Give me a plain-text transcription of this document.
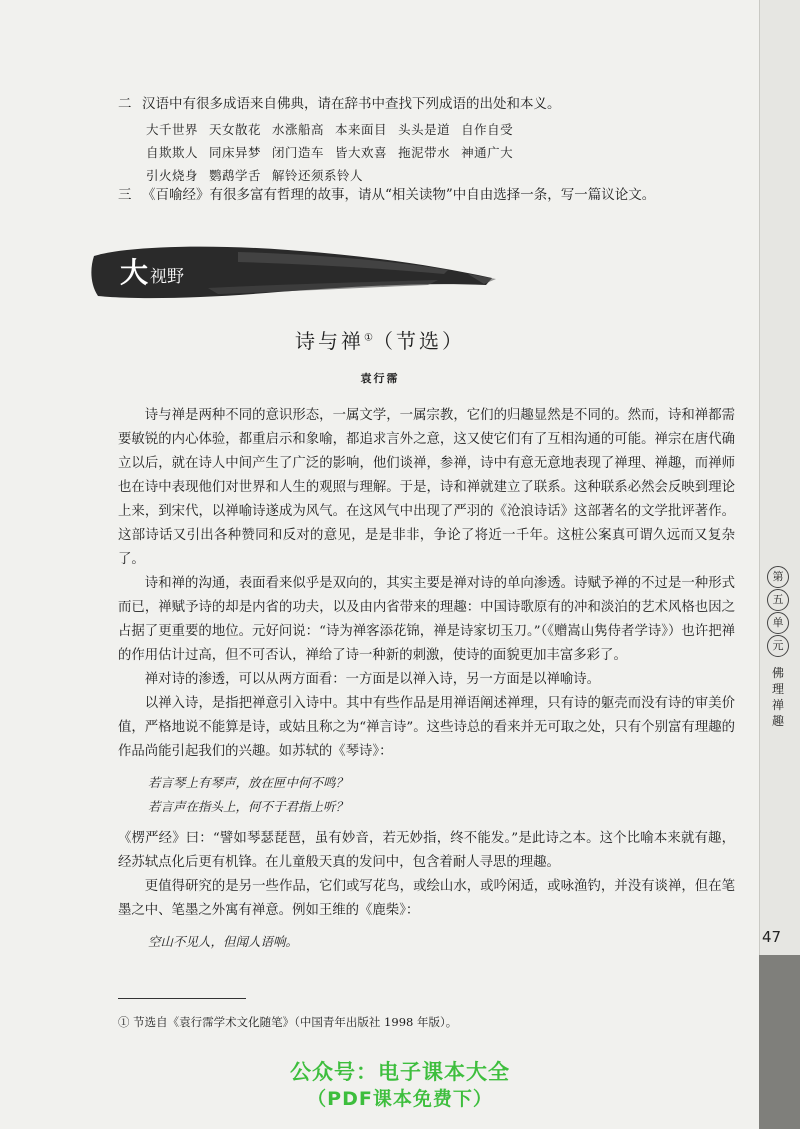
第
五
单
元
佛理禅趣
47
二 汉语中有很多成语来自佛典，请在辞书中查找下列成语的出处和本义。
大千世界 天女散花 水涨船高 本来面目 头头是道 自作自受
自欺欺人 同床异梦 闭门造车 皆大欢喜 拖泥带水 神通广大
引火烧身 鹦鹉学舌 解铃还须系铃人
三 《百喻经》有很多富有哲理的故事，请从“相关读物”中自由选择一条，写一篇议论文。
大视野
诗与禅①（节选）
袁行霈

诗与禅是两种不同的意识形态，一属文学，一属宗教，它们的归趣显然是不同的。然而，诗和禅都需要敏锐的内心体验，都重启示和象喻，都追求言外之意，这又使它们有了互相沟通的可能。禅宗在唐代确立以后，就在诗人中间产生了广泛的影响，他们谈禅，参禅，诗中有意无意地表现了禅理、禅趣，而禅师也在诗中表现他们对世界和人生的观照与理解。于是，诗和禅就建立了联系。这种联系必然会反映到理论上来，到宋代，以禅喻诗遂成为风气。在这风气中出现了严羽的《沧浪诗话》这部著名的文学批评著作。这部诗话又引出各种赞同和反对的意见，是是非非，争论了将近一千年。这桩公案真可谓久远而又复杂了。

诗和禅的沟通，表面看来似乎是双向的，其实主要是禅对诗的单向渗透。诗赋予禅的不过是一种形式而已，禅赋予诗的却是内省的功夫，以及由内省带来的理趣：中国诗歌原有的冲和淡泊的艺术风格也因之占据了更重要的地位。元好问说：“诗为禅客添花锦，禅是诗家切玉刀。”（《赠嵩山隽侍者学诗》）也许把禅的作用估计过高，但不可否认，禅给了诗一种新的刺激，使诗的面貌更加丰富多彩了。

禅对诗的渗透，可以从两方面看：一方面是以禅入诗，另一方面是以禅喻诗。

以禅入诗，是指把禅意引入诗中。其中有些作品是用禅语阐述禅理，只有诗的躯壳而没有诗的审美价值，严格地说不能算是诗，或姑且称之为“禅言诗”。这些诗总的看来并无可取之处，只有个别富有理趣的作品尚能引起我们的兴趣。如苏轼的《琴诗》：

若言琴上有琴声，放在匣中何不鸣？
若言声在指头上，何不于君指上听？

《楞严经》曰：“譬如琴瑟琵琶，虽有妙音，若无妙指，终不能发。”是此诗之本。这个比喻本来就有趣，经苏轼点化后更有机锋。在儿童般天真的发问中，包含着耐人寻思的理趣。

更值得研究的是另一些作品，它们或写花鸟，或绘山水，或吟闲适，或咏渔钓，并没有谈禅，但在笔墨之中、笔墨之外寓有禅意。例如王维的《鹿柴》：

空山不见人，但闻人语响。
① 节选自《袁行霈学术文化随笔》（中国青年出版社 1998 年版）。
公众号：电子课本大全
（PDF课本免费下）
